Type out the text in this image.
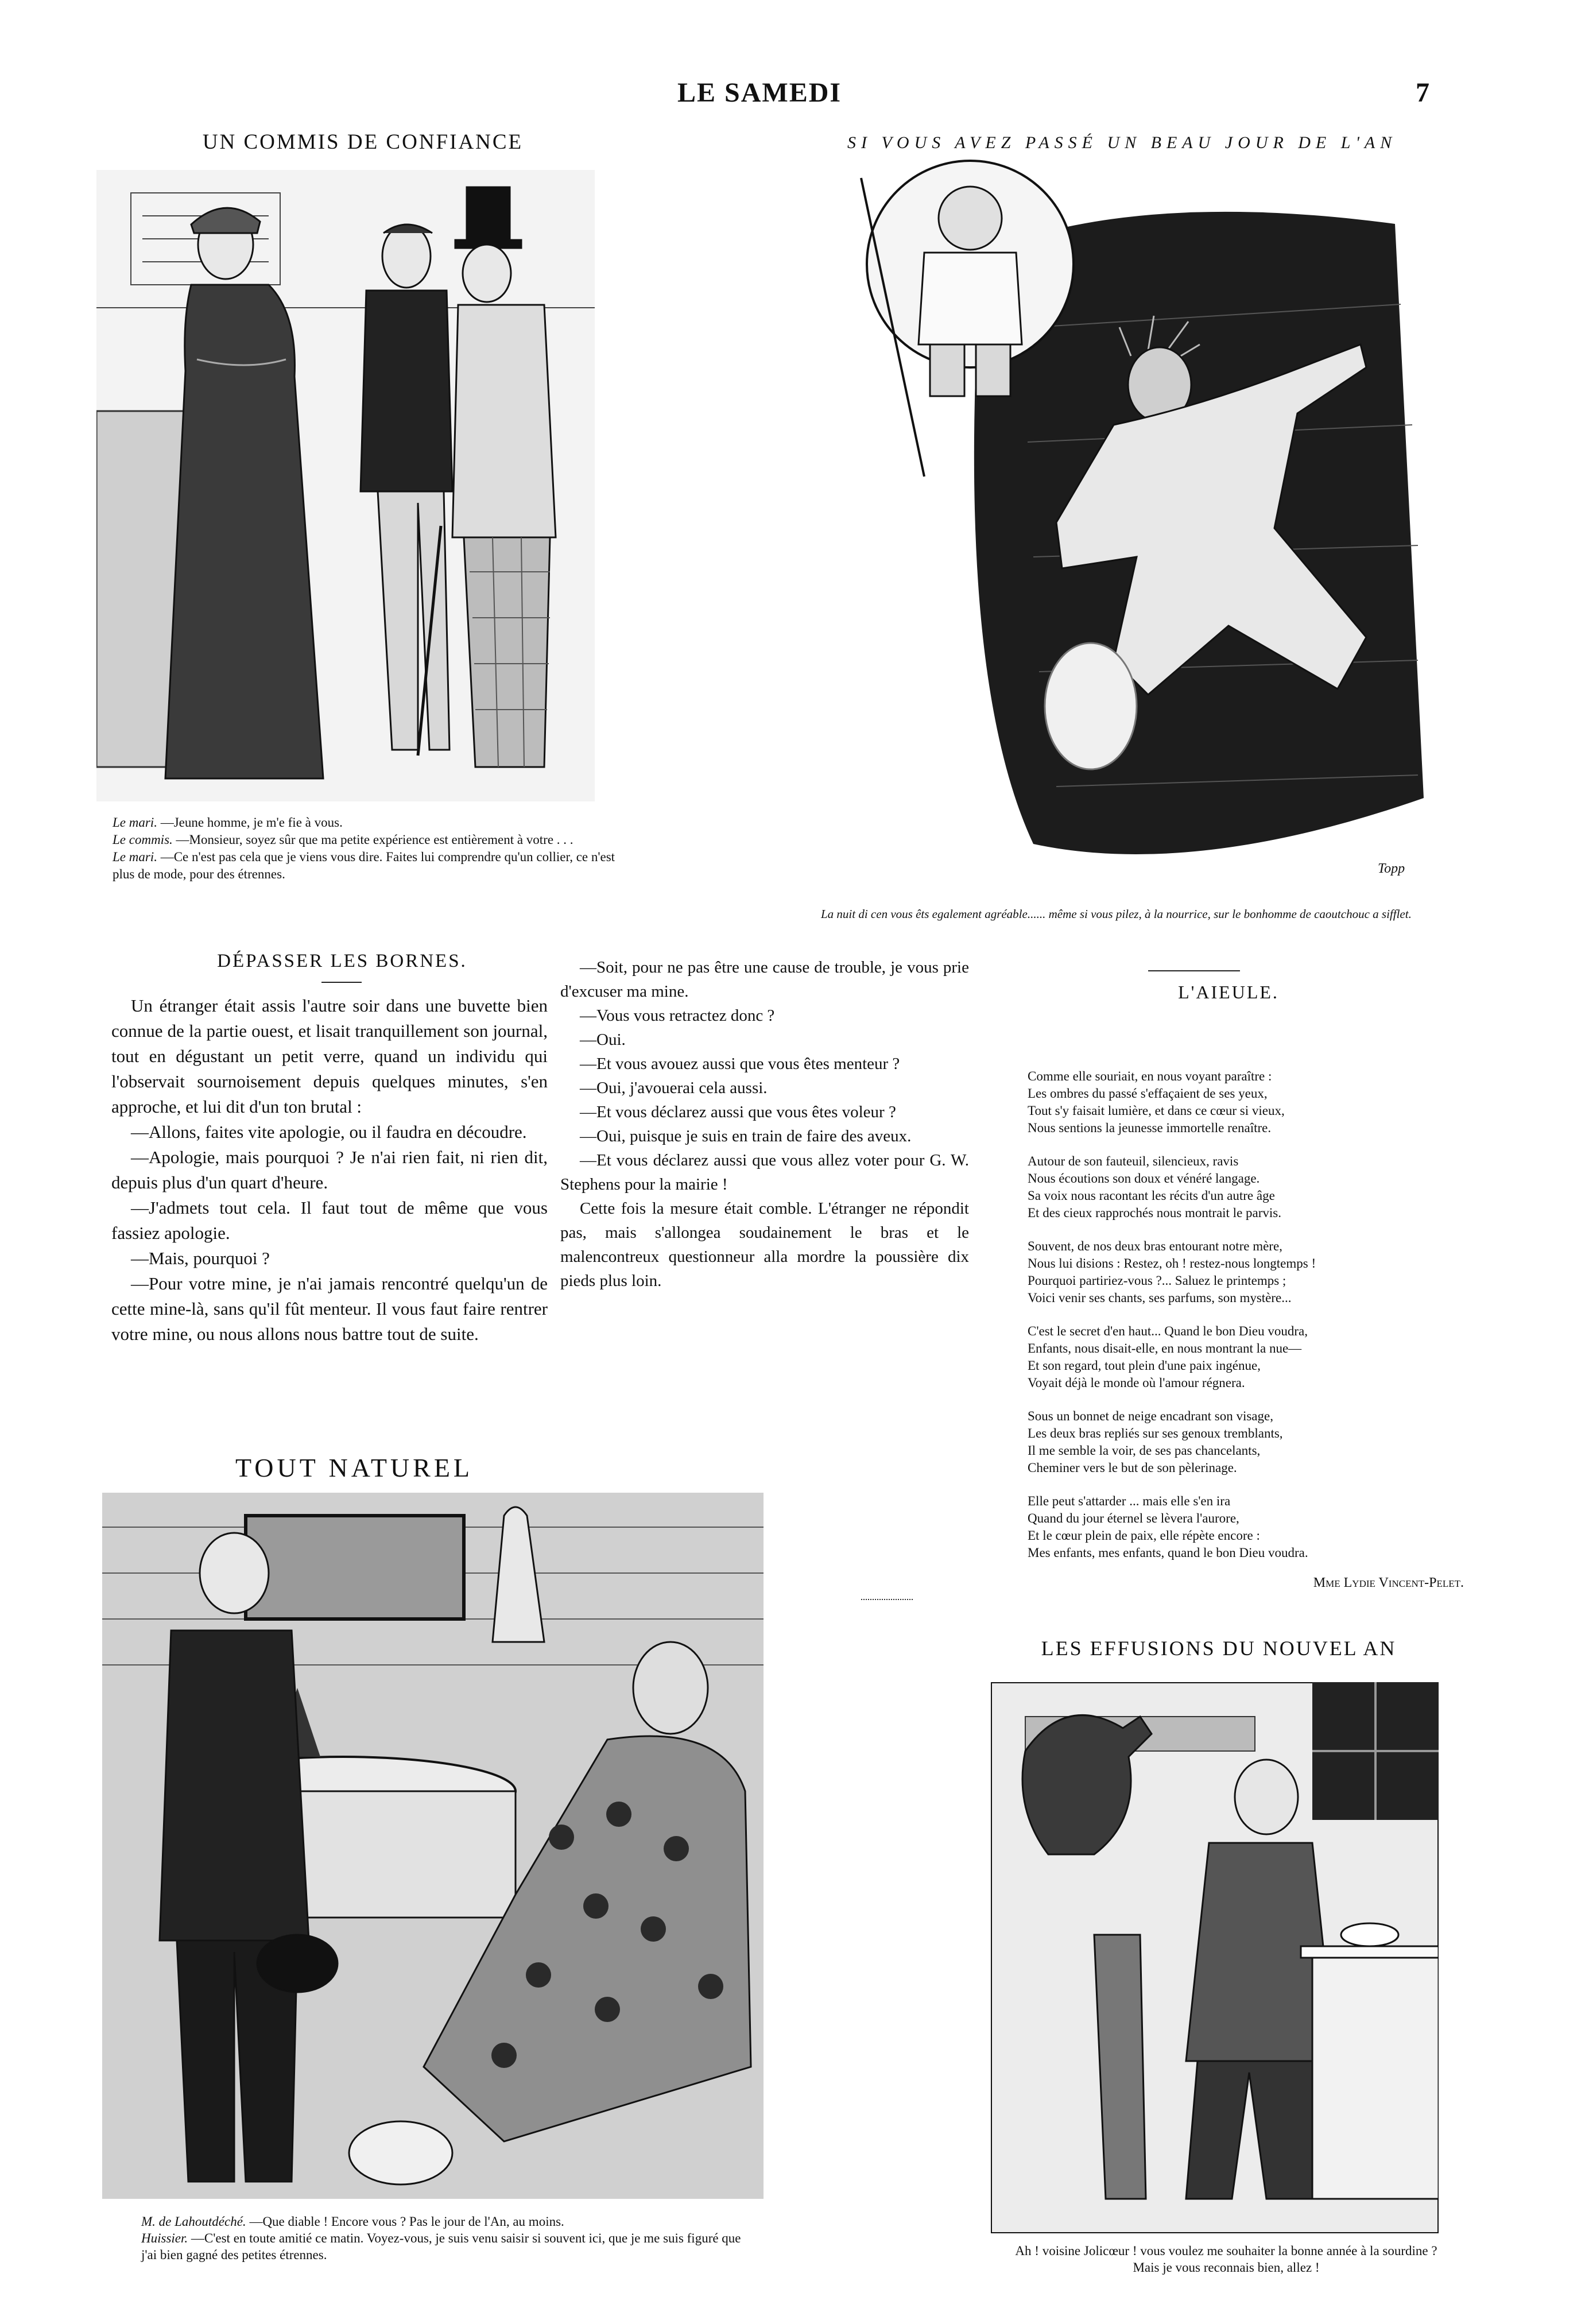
LE SAMEDI	7
UN COMMIS DE CONFIANCE

Le mari. —Jeune homme, je m'e fie à vous.

Le commis. —Monsieur, soyez sûr que ma petite expérience est entièrement à votre . . .

Le mari. —Ce n'est pas cela que je viens vous dire. Faites lui comprendre qu'un collier, ce n'est plus de mode, pour des étrennes.

SI VOUS AVEZ PASSÉ UN BEAU JOUR DE L'AN
La nuit di cen vous êts egalement agréable...... même si vous pilez, à la nourrice, sur le bonhomme de caoutchouc a sifflet.
Topp
DÉPASSER LES BORNES.

Un étranger était assis l'autre soir dans une buvette bien connue de la partie ouest, et lisait tranquillement son journal, tout en dégustant un petit verre, quand un individu qui l'observait sournoisement depuis quelques minutes, s'en approche, et lui dit d'un ton brutal :

—Allons, faites vite apologie, ou il faudra en découdre.

—Apologie, mais pourquoi ? Je n'ai rien fait, ni rien dit, depuis plus d'un quart d'heure.

—J'admets tout cela. Il faut tout de même que vous fassiez apologie.

—Mais, pourquoi ?

—Pour votre mine, je n'ai jamais rencontré quelqu'un de cette mine-là, sans qu'il fût menteur. Il vous faut faire rentrer votre mine, ou nous allons nous battre tout de suite.

—Soit, pour ne pas être une cause de trouble, je vous prie d'excuser ma mine.

—Vous vous retractez donc ?

—Oui.

—Et vous avouez aussi que vous êtes menteur ?

—Oui, j'avouerai cela aussi.

—Et vous déclarez aussi que vous êtes voleur ?

—Oui, puisque je suis en train de faire des aveux.

—Et vous déclarez aussi que vous allez voter pour G. W. Stephens pour la mairie !

Cette fois la mesure était comble. L'étranger ne répondit pas, mais s'allongea soudainement le bras et le malencontreux questionneur alla mordre la poussière dix pieds plus loin.

L'AIEULE.
Comme elle souriait, en nous voyant paraître :
Les ombres du passé s'effaçaient de ses yeux,
Tout s'y faisait lumière, et dans ce cœur si vieux,
Nous sentions la jeunesse immortelle renaître.
Autour de son fauteuil, silencieux, ravis
Nous écoutions son doux et vénéré langage.
Sa voix nous racontant les récits d'un autre âge
Et des cieux rapprochés nous montrait le parvis.
Souvent, de nos deux bras entourant notre mère,
Nous lui disions : Restez, oh ! restez-nous longtemps !
Pourquoi partiriez-vous ?... Saluez le printemps ;
Voici venir ses chants, ses parfums, son mystère...
C'est le secret d'en haut... Quand le bon Dieu voudra,
Enfants, nous disait-elle, en nous montrant la nue—
Et son regard, tout plein d'une paix ingénue,
Voyait déjà le monde où l'amour régnera.
Sous un bonnet de neige encadrant son visage,
Les deux bras repliés sur ses genoux tremblants,
Il me semble la voir, de ses pas chancelants,
Cheminer vers le but de son pèlerinage.
Elle peut s'attarder ... mais elle s'en ira
Quand du jour éternel se lèvera l'aurore,
Et le cœur plein de paix, elle répète encore :
Mes enfants, mes enfants, quand le bon Dieu voudra.
Mme Lydie Vincent-Pelet.
TOUT NATUREL

M. de Lahoutdéché. —Que diable ! Encore vous ? Pas le jour de l'An, au moins.

Huissier. —C'est en toute amitié ce matin. Voyez-vous, je suis venu saisir si souvent ici, que je me suis figuré que j'ai bien gagné des petites étrennes.

LES EFFUSIONS DU NOUVEL AN
Ah ! voisine Jolicœur ! vous voulez me souhaiter la bonne année à la sourdine ? Mais je vous reconnais bien, allez !
